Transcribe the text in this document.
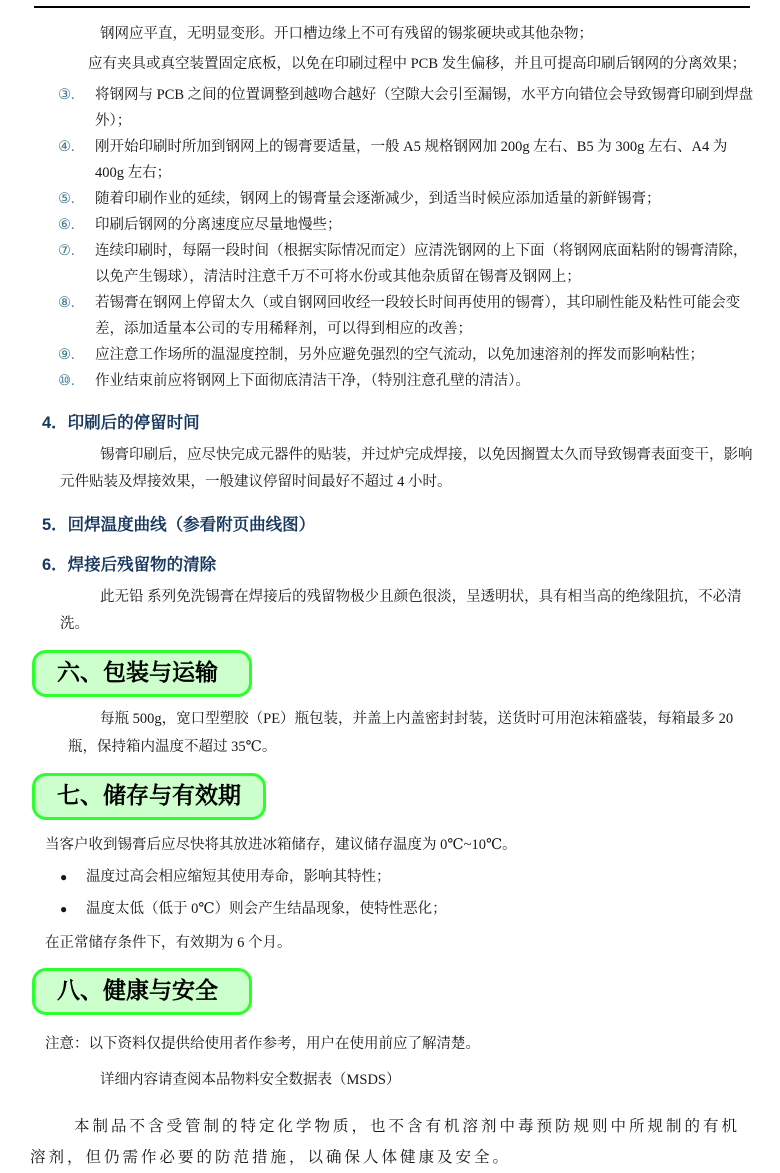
钢网应平直，无明显变形。开口槽边缘上不可有残留的锡浆硬块或其他杂物；
应有夹具或真空装置固定底板，以免在印刷过程中 PCB 发生偏移，并且可提高印刷后钢网的分离效果；
③.	将钢网与 PCB 之间的位置调整到越吻合越好（空隙大会引至漏锡，水平方向错位会导致锡膏印刷到焊盘外）；
④.	刚开始印刷时所加到钢网上的锡膏要适量，一般 A5 规格钢网加 200g 左右、B5 为 300g 左右、A4 为 400g 左右；
⑤.	随着印刷作业的延续，钢网上的锡膏量会逐渐减少，到适当时候应添加适量的新鲜锡膏；
⑥.	印刷后钢网的分离速度应尽量地慢些；
⑦.	连续印刷时，每隔一段时间（根据实际情况而定）应清洗钢网的上下面（将钢网底面粘附的锡膏清除，以免产生锡球），清洁时注意千万不可将水份或其他杂质留在锡膏及钢网上；
⑧.	若锡膏在钢网上停留太久（或自钢网回收经一段较长时间再使用的锡膏），其印刷性能及粘性可能会变差，添加适量本公司的专用稀释剂，可以得到相应的改善；
⑨.	应注意工作场所的温湿度控制，另外应避免强烈的空气流动，以免加速溶剂的挥发而影响粘性；
⑩.	作业结束前应将钢网上下面彻底清洁干净，（特别注意孔壁的清洁）。
4．印刷后的停留时间
锡膏印刷后，应尽快完成元器件的贴装，并过炉完成焊接，以免因搁置太久而导致锡膏表面变干，影响元件贴装及焊接效果，一般建议停留时间最好不超过 4 小时。
5．回焊温度曲线（参看附页曲线图）
6．焊接后残留物的清除
此无铅 系列免洗锡膏在焊接后的残留物极少且颜色很淡，呈透明状，具有相当高的绝缘阻抗，不必清洗。
六、包装与运输
每瓶 500g，宽口型塑胶（PE）瓶包装，并盖上内盖密封封装，送货时可用泡沫箱盛装，每箱最多 20 瓶，保持箱内温度不超过 35℃。
七、储存与有效期
当客户收到锡膏后应尽快将其放进冰箱储存，建议储存温度为 0℃~10℃。
●	温度过高会相应缩短其使用寿命，影响其特性；
●	温度太低（低于 0℃）则会产生结晶现象，使特性恶化；
在正常储存条件下，有效期为 6 个月。
八、健康与安全
注意：以下资料仅提供给使用者作参考，用户在使用前应了解清楚。
详细内容请查阅本品物料安全数据表（MSDS）
本制品不含受管制的特定化学物质，也不含有机溶剂中毒预防规则中所规制的有机溶剂，但仍需作必要的防范措施，以确保人体健康及安全。
